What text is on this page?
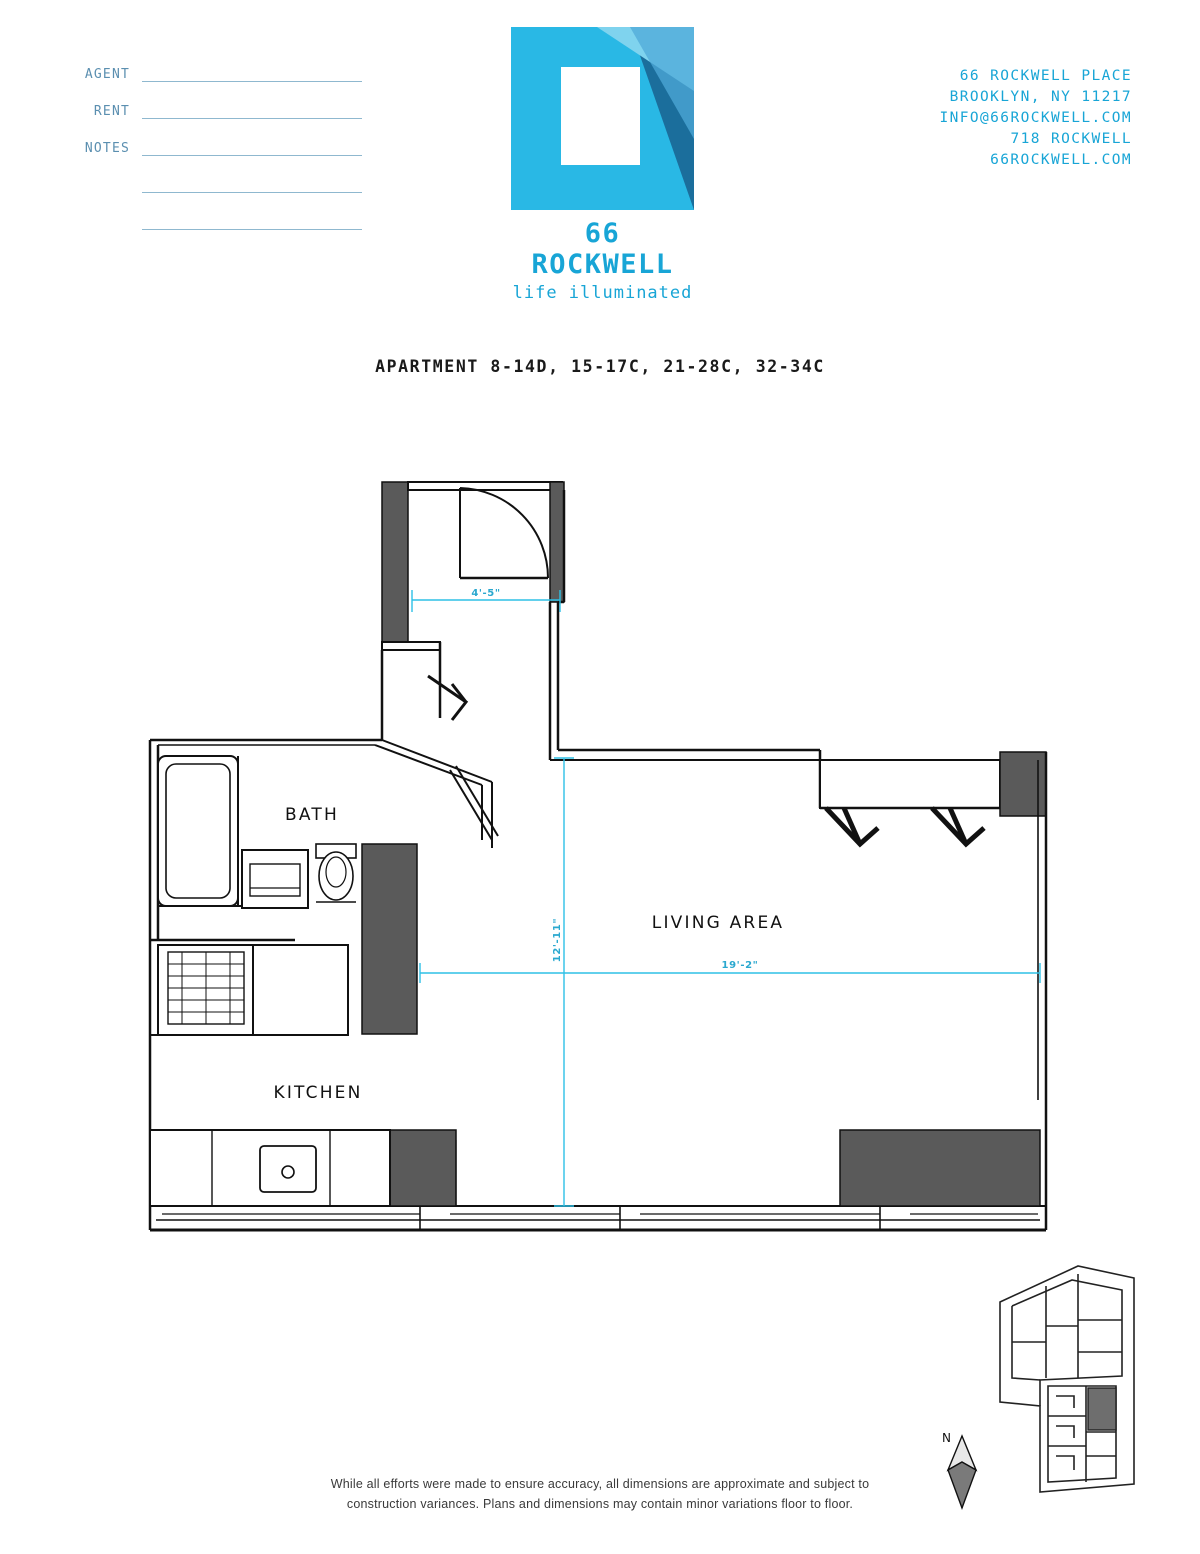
AGENT
RENT
NOTES
66 ROCKWELL
life illuminated
66 ROCKWELL PLACE
BROOKLYN, NY 11217
INFO@66ROCKWELL.COM
718 ROCKWELL
66ROCKWELL.COM
APARTMENT 8-14D, 15-17C, 21-28C, 32-34C
4'-5"
12'-11"
19'-2"
BATH
KITCHEN
LIVING AREA
N
While all efforts were made to ensure accuracy, all dimensions are approximate and subject to
construction variances. Plans and dimensions may contain minor variations floor to floor.
